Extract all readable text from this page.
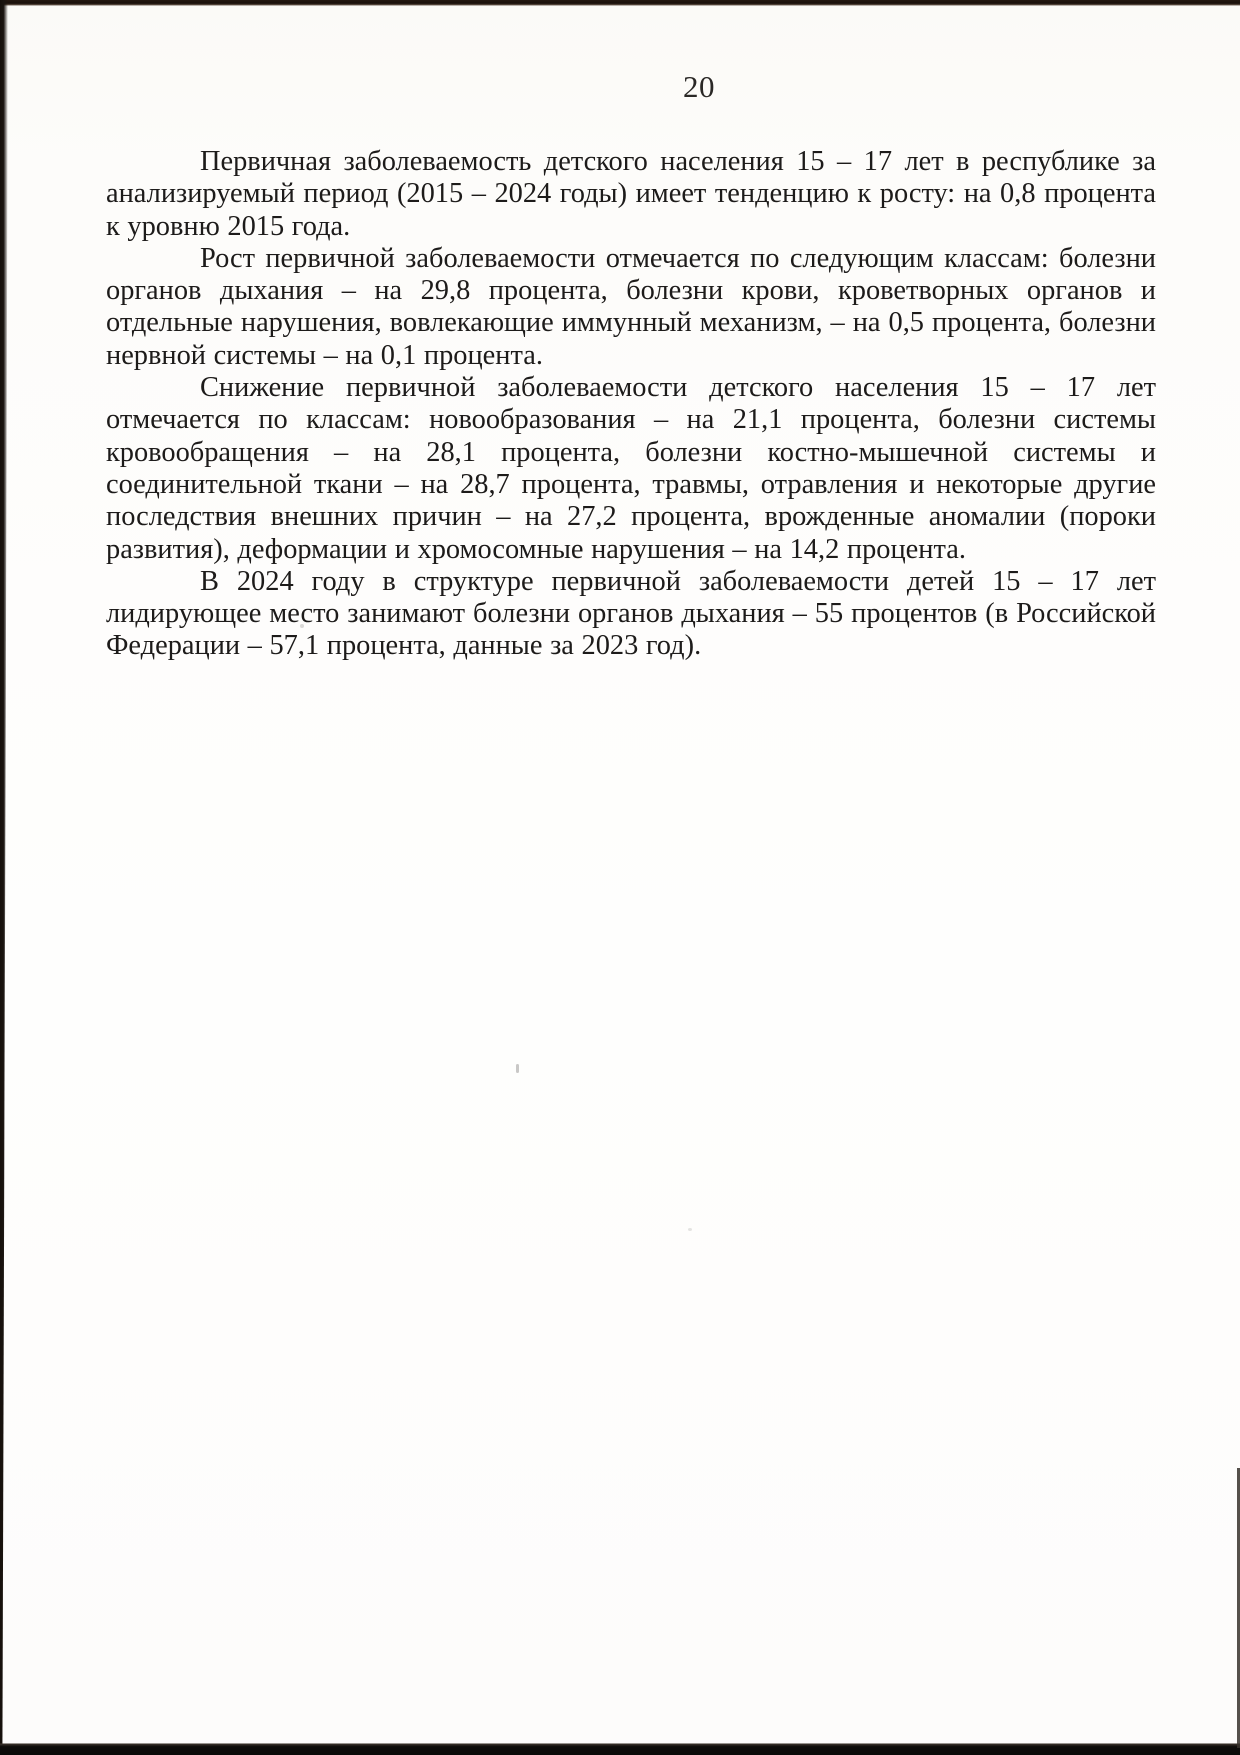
20

Первичная заболеваемость детского населения 15 – 17 лет в республике за анализируемый период (2015 – 2024 годы) имеет тенденцию к росту: на 0,8 процента к уровню 2015 года.

Рост первичной заболеваемости отмечается по следующим классам: болезни органов дыхания – на 29,8 процента, болезни крови, кроветворных органов и отдельные нарушения, вовлекающие иммунный механизм, – на 0,5 процента, болезни нервной системы – на 0,1 процента.

Снижение первичной заболеваемости детского населения 15 – 17 лет отмечается по классам: новообразования – на 21,1 процента, болезни системы кровообращения – на 28,1 процента, болезни костно-мышечной системы и соединительной ткани – на 28,7 процента, травмы, отравления и некоторые другие последствия внешних причин – на 27,2 процента, врожденные аномалии (пороки развития), деформации и хромосомные нарушения – на 14,2 процента.

В 2024 году в структуре первичной заболеваемости детей 15 – 17 лет лидирующее место занимают болезни органов дыхания – 55 процентов (в Российской Федерации – 57,1 процента, данные за 2023 год).
